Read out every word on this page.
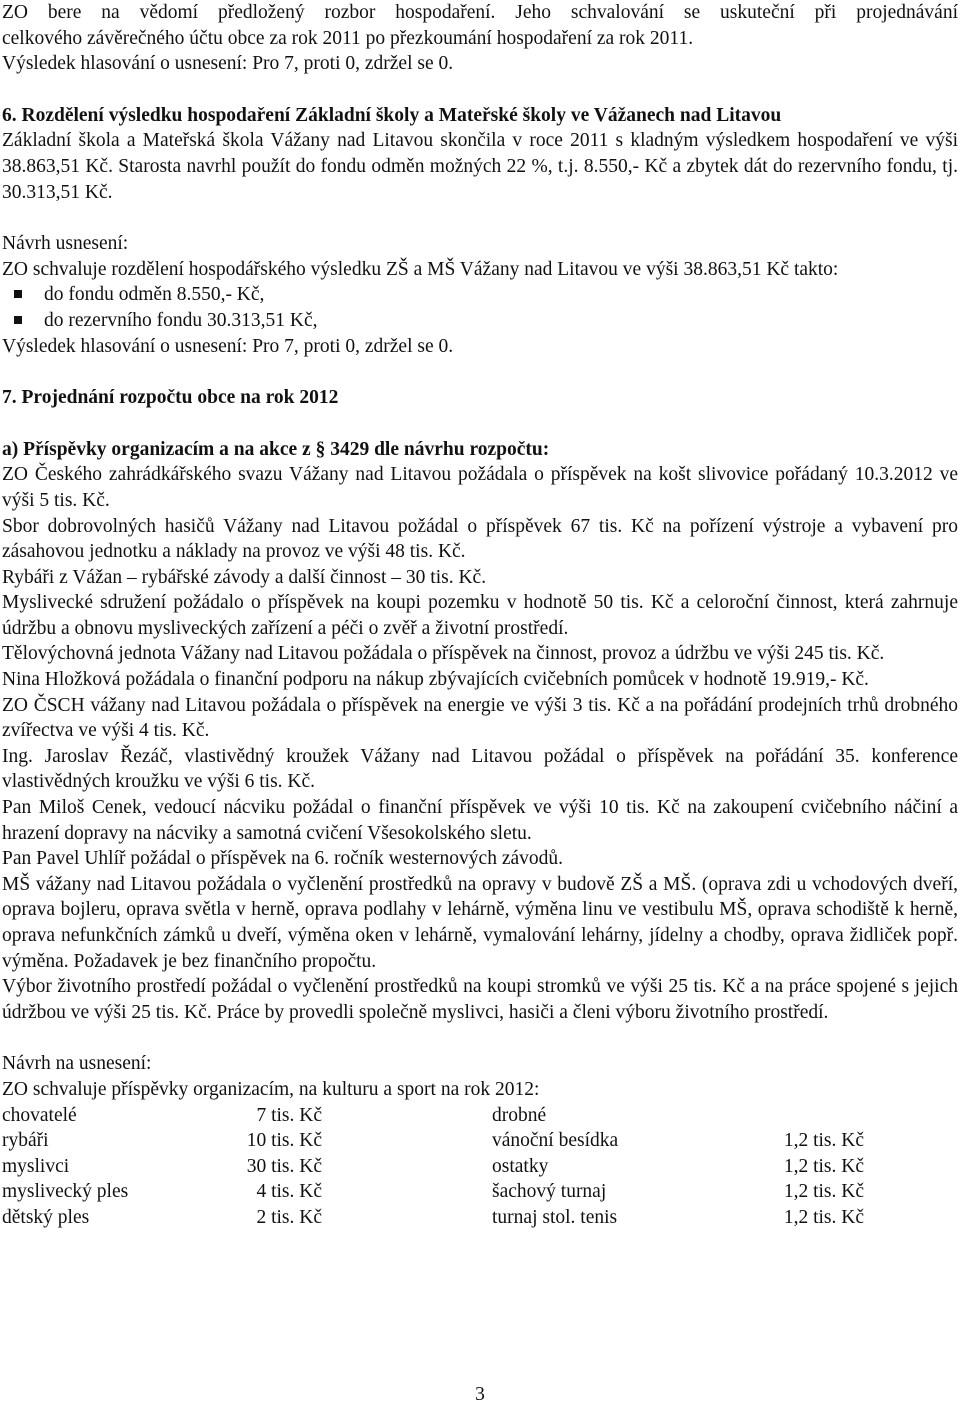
ZO bere na vědomí předložený rozbor hospodaření. Jeho schvalování se uskuteční při projednávání

celkového závěrečného účtu obce za rok 2011 po přezkoumání hospodaření za rok 2011.

Výsledek hlasování o usnesení: Pro 7, proti 0, zdržel se 0.

6. Rozdělení výsledku hospodaření Základní školy a Mateřské školy ve Vážanech nad Litavou

Základní škola a Mateřská škola Vážany nad Litavou skončila v roce 2011 s kladným výsledkem hospodaření ve výši 38.863,51 Kč. Starosta navrhl použít do fondu odměn možných 22 %, t.j. 8.550,- Kč a zbytek dát do rezervního fondu, tj. 30.313,51 Kč.

Návrh usnesení:

ZO schvaluje rozdělení hospodářského výsledku ZŠ a MŠ Vážany nad Litavou ve výši 38.863,51 Kč takto:

do fondu odměn 8.550,- Kč,
do rezervního fondu 30.313,51 Kč,

Výsledek hlasování o usnesení: Pro 7, proti 0, zdržel se 0.

7. Projednání rozpočtu obce na rok 2012

a) Příspěvky organizacím a na akce z § 3429 dle návrhu rozpočtu:

ZO Českého zahrádkářského svazu Vážany nad Litavou požádala o příspěvek na košt slivovice pořádaný 10.3.2012 ve výši 5 tis. Kč.

Sbor dobrovolných hasičů Vážany nad Litavou požádal o příspěvek 67 tis. Kč na pořízení výstroje a vybavení pro zásahovou jednotku a náklady na provoz ve výši 48 tis. Kč.

Rybáři z Vážan – rybářské závody a další činnost – 30 tis. Kč.

Myslivecké sdružení požádalo o příspěvek na koupi pozemku v hodnotě 50 tis. Kč a celoroční činnost, která zahrnuje údržbu a obnovu mysliveckých zařízení a péči o zvěř a životní prostředí.

Tělovýchovná jednota Vážany nad Litavou požádala o příspěvek na činnost, provoz a údržbu ve výši 245 tis. Kč.

Nina Hložková požádala o finanční podporu na nákup zbývajících cvičebních pomůcek v hodnotě 19.919,- Kč.

ZO ČSCH vážany nad Litavou požádala o příspěvek na energie ve výši 3 tis. Kč a na pořádání prodejních trhů drobného zvířectva ve výši 4 tis. Kč.

Ing. Jaroslav Řezáč, vlastivědný kroužek Vážany nad Litavou požádal o příspěvek na pořádání 35. konference vlastivědných kroužku ve výši 6 tis. Kč.

Pan Miloš Cenek, vedoucí nácviku požádal o finanční příspěvek ve výši 10 tis. Kč na zakoupení cvičebního náčiní a hrazení dopravy na nácviky a samotná cvičení Všesokolského sletu.

Pan Pavel Uhlíř požádal o příspěvek na 6. ročník westernových závodů.

MŠ vážany nad Litavou požádala o vyčlenění prostředků na opravy v budově ZŠ a MŠ. (oprava zdi u vchodových dveří, oprava bojleru, oprava světla v herně, oprava podlahy v lehárně, výměna linu ve vestibulu MŠ, oprava schodiště k herně, oprava nefunkčních zámků u dveří, výměna oken v lehárně, vymalování lehárny, jídelny a chodby, oprava židliček popř. výměna. Požadavek je bez finančního propočtu.

Výbor životního prostředí požádal o vyčlenění prostředků na koupi stromků ve výši 25 tis. Kč a na práce spojené s jejich údržbou ve výši 25 tis. Kč. Práce by provedli společně myslivci, hasiči a členi výboru životního prostředí.

Návrh na usnesení:

ZO schvaluje příspěvky organizacím, na kulturu a sport na rok 2012:

chovatelé	7 tis. Kč	drobné	
rybáři	10 tis. Kč	vánoční besídka	1,2 tis. Kč
myslivci	30 tis. Kč	ostatky	1,2 tis. Kč
myslivecký ples	4 tis. Kč	šachový turnaj	1,2 tis. Kč
dětský ples	2 tis. Kč	turnaj stol. tenis	1,2 tis. Kč
3
